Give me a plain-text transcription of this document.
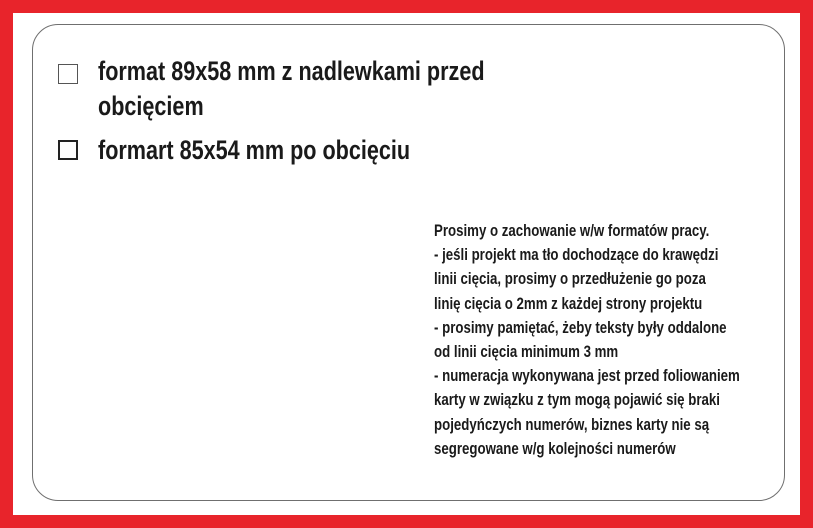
format 89x58 mm z nadlewkami przed
obcięciem
formart 85x54 mm po obcięciu
Prosimy o zachowanie w/w formatów pracy.
- jeśli projekt ma tło dochodzące do krawędzi
linii cięcia, prosimy o przedłużenie go poza
linię cięcia o 2mm z każdej strony projektu
- prosimy pamiętać, żeby teksty były oddalone
od linii cięcia minimum 3 mm
- numeracja wykonywana jest przed foliowaniem
karty w związku z tym mogą pojawić się braki
pojedyńczych numerów, biznes karty nie są
segregowane w/g kolejności numerów
